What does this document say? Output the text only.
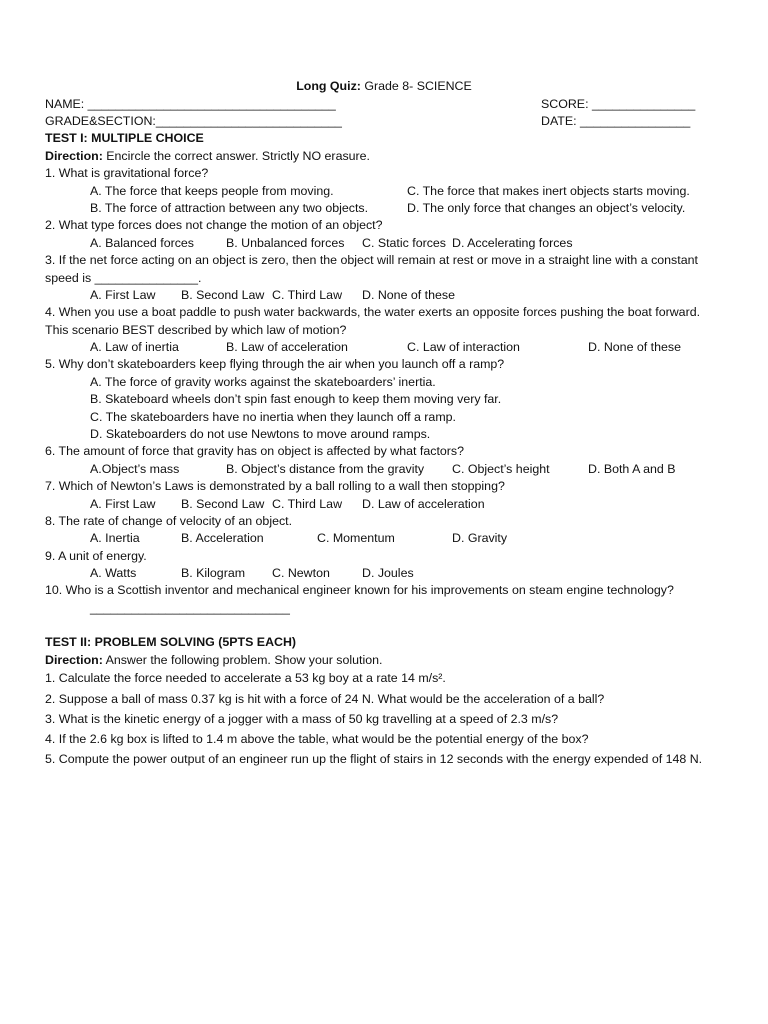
Long Quiz: Grade 8- SCIENCE
NAME: ____________________________________	SCORE: _______________
GRADE&SECTION:___________________________	DATE: ________________
TEST I: MULTIPLE CHOICE
Direction: Encircle the correct answer. Strictly NO erasure.
1. What is gravitational force?
A. The force that keeps people from moving.	C. The force that makes inert objects starts moving.
B. The force of attraction between any two objects.	D. The only force that changes an object’s velocity.
2. What type forces does not change the motion of an object?
A. Balanced forces	B. Unbalanced forces C. Static forces D. Accelerating forces
3. If the net force acting on an object is zero, then the object will remain at rest or move in a straight line with a constant
speed is _______________.
A. First Law B. Second Law C. Third Law D. None of these
4. When you use a boat paddle to push water backwards, the water exerts an opposite forces pushing the boat forward.
This scenario BEST described by which law of motion?
A. Law of inertia	B. Law of acceleration	C. Law of interaction	D. None of these
5. Why don’t skateboarders keep flying through the air when you launch off a ramp?
A. The force of gravity works against the skateboarders’ inertia.
B. Skateboard wheels don’t spin fast enough to keep them moving very far.
C. The skateboarders have no inertia when they launch off a ramp.
D. Skateboarders do not use Newtons to move around ramps.
6. The amount of force that gravity has on object is affected by what factors?
A.Object’s mass	B. Object’s distance from the gravity C. Object’s height	D. Both A and B
7. Which of Newton’s Laws is demonstrated by a ball rolling to a wall then stopping?
A. First Law B. Second Law C. Third Law D. Law of acceleration
8. The rate of change of velocity of an object.
A. Inertia	B. Acceleration	C. Momentum	D. Gravity
9. A unit of energy.
A. Watts	B. Kilogram C. Newton	D. Joules
10. Who is a Scottish inventor and mechanical engineer known for his improvements on steam engine technology?
_____________________________
TEST II: PROBLEM SOLVING (5PTS EACH)
Direction: Answer the following problem. Show your solution.
1. Calculate the force needed to accelerate a 53 kg boy at a rate 14 m/s².
2. Suppose a ball of mass 0.37 kg is hit with a force of 24 N. What would be the acceleration of a ball?
3. What is the kinetic energy of a jogger with a mass of 50 kg travelling at a speed of 2.3 m/s?
4. If the 2.6 kg box is lifted to 1.4 m above the table, what would be the potential energy of the box?
5. Compute the power output of an engineer run up the flight of stairs in 12 seconds with the energy expended of 148 N.
